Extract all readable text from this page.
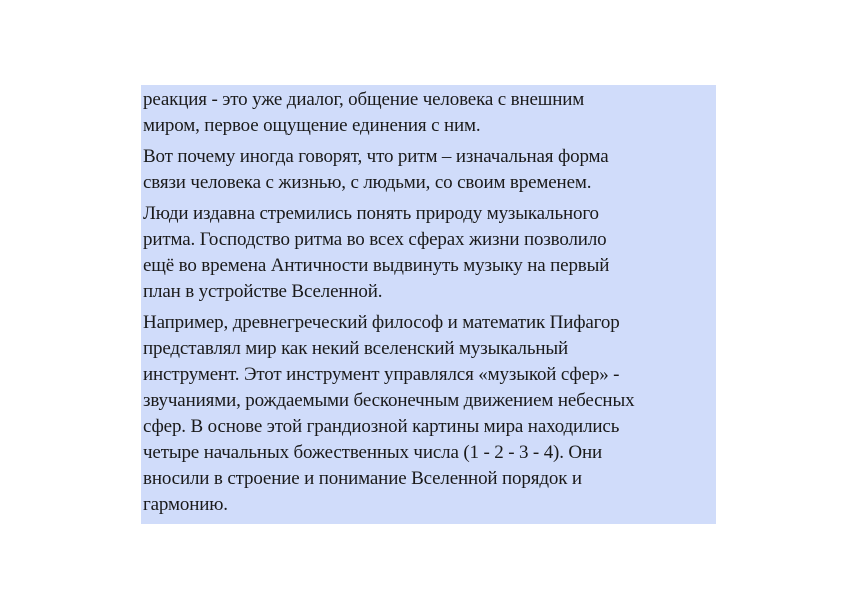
реакция - это уже диалог, общение человека с внешним
миром, первое ощущение единения с ним.

Вот почему иногда говорят, что ритм – изначальная форма
связи человека с жизнью, с людьми, со своим временем.

Люди издавна стремились понять природу музыкального
ритма. Господство ритма во всех сферах жизни позволило
ещё во времена Античности выдвинуть музыку на первый
план в устройстве Вселенной.

Например, древнегреческий философ и математик Пифагор
представлял мир как некий вселенский музыкальный
инструмент. Этот инструмент управлялся «музыкой сфер» -
звучаниями, рождаемыми бесконечным движением небесных
сфер. В основе этой грандиозной картины мира находились
четыре начальных божественных числа (1 - 2 - 3 - 4). Они
вносили в строение и понимание Вселенной порядок и
гармонию.
